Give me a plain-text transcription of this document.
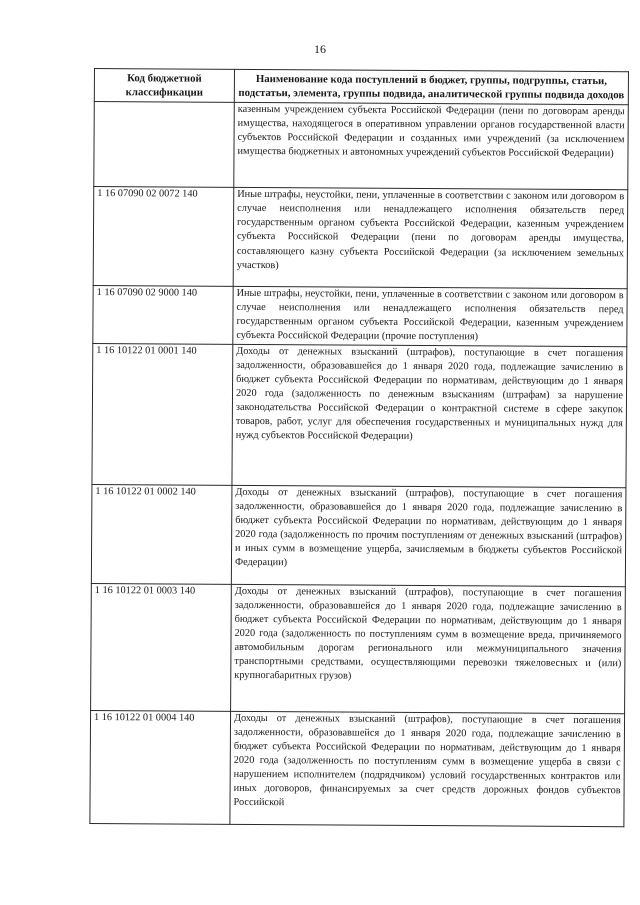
16
Код бюджетной классификации	Наименование кода поступлений в бюджет, группы, подгруппы, статьи, подстатьи, элемента, группы подвида, аналитической группы подвида доходов
	казенным учреждением субъекта Российской Федерации (пени по договорам аренды имущества, находящегося в оперативном управлении органов государственной власти субъектов Российской Федерации и созданных ими учреждений (за исключением имущества бюджетных и автономных учреждений субъектов Российской Федерации)
1 16 07090 02 0072 140	Иные штрафы, неустойки, пени, уплаченные в соответствии с законом или договором в случае неисполнения или ненадлежащего исполнения обязательств перед государственным органом субъекта Российской Федерации, казенным учреждением субъекта Российской Федерации (пени по договорам аренды имущества, составляющего казну субъекта Российской Федерации (за исключением земельных участков)
1 16 07090 02 9000 140	Иные штрафы, неустойки, пени, уплаченные в соответствии с законом или договором в случае неисполнения или ненадлежащего исполнения обязательств перед государственным органом субъекта Российской Федерации, казенным учреждением субъекта Российской Федерации (прочие поступления)
1 16 10122 01 0001 140	Доходы от денежных взысканий (штрафов), поступающие в счет погашения задолженности, образовавшейся до 1 января 2020 года, подлежащие зачислению в бюджет субъекта Российской Федерации по нормативам, действующим до 1 января 2020 года (задолженность по денежным взысканиям (штрафам) за нарушение законодательства Российской Федерации о контрактной системе в сфере закупок товаров, работ, услуг для обеспечения государственных и муниципальных нужд для нужд субъектов Российской Федерации)
1 16 10122 01 0002 140	Доходы от денежных взысканий (штрафов), поступающие в счет погашения задолженности, образовавшейся до 1 января 2020 года, подлежащие зачислению в бюджет субъекта Российской Федерации по нормативам, действующим до 1 января 2020 года (задолженность по прочим поступлениям от денежных взысканий (штрафов) и иных сумм в возмещение ущерба, зачисляемым в бюджеты субъектов Российской Федерации)
1 16 10122 01 0003 140	Доходы от денежных взысканий (штрафов), поступающие в счет погашения задолженности, образовавшейся до 1 января 2020 года, подлежащие зачислению в бюджет субъекта Российской Федерации по нормативам, действующим до 1 января 2020 года (задолженность по поступлениям сумм в возмещение вреда, причиняемого автомобильным дорогам регионального или межмуниципального значения транспортными средствами, осуществляющими перевозки тяжеловесных и (или) крупногабаритных грузов)
1 16 10122 01 0004 140	Доходы от денежных взысканий (штрафов), поступающие в счет погашения задолженности, образовавшейся до 1 января 2020 года, подлежащие зачислению в бюджет субъекта Российской Федерации по нормативам, действующим до 1 января 2020 года (задолженность по поступлениям сумм в возмещение ущерба в связи с нарушением исполнителем (подрядчиком) условий государственных контрактов или иных договоров, финансируемых за счет средств дорожных фондов субъектов Российской
